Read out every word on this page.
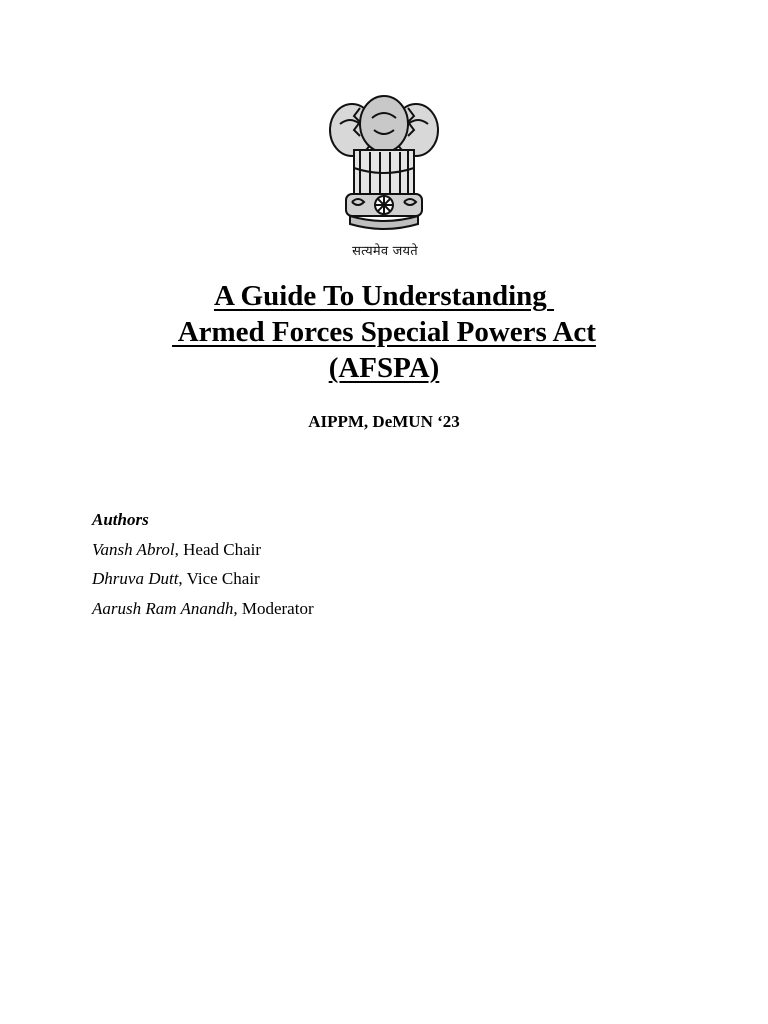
सत्यमेव जयते
A Guide To Understanding
Armed Forces Special Powers Act
(AFSPA)
AIPPM, DeMUN ‘23
Authors
Vansh Abrol, Head Chair
Dhruva Dutt, Vice Chair
Aarush Ram Anandh, Moderator
